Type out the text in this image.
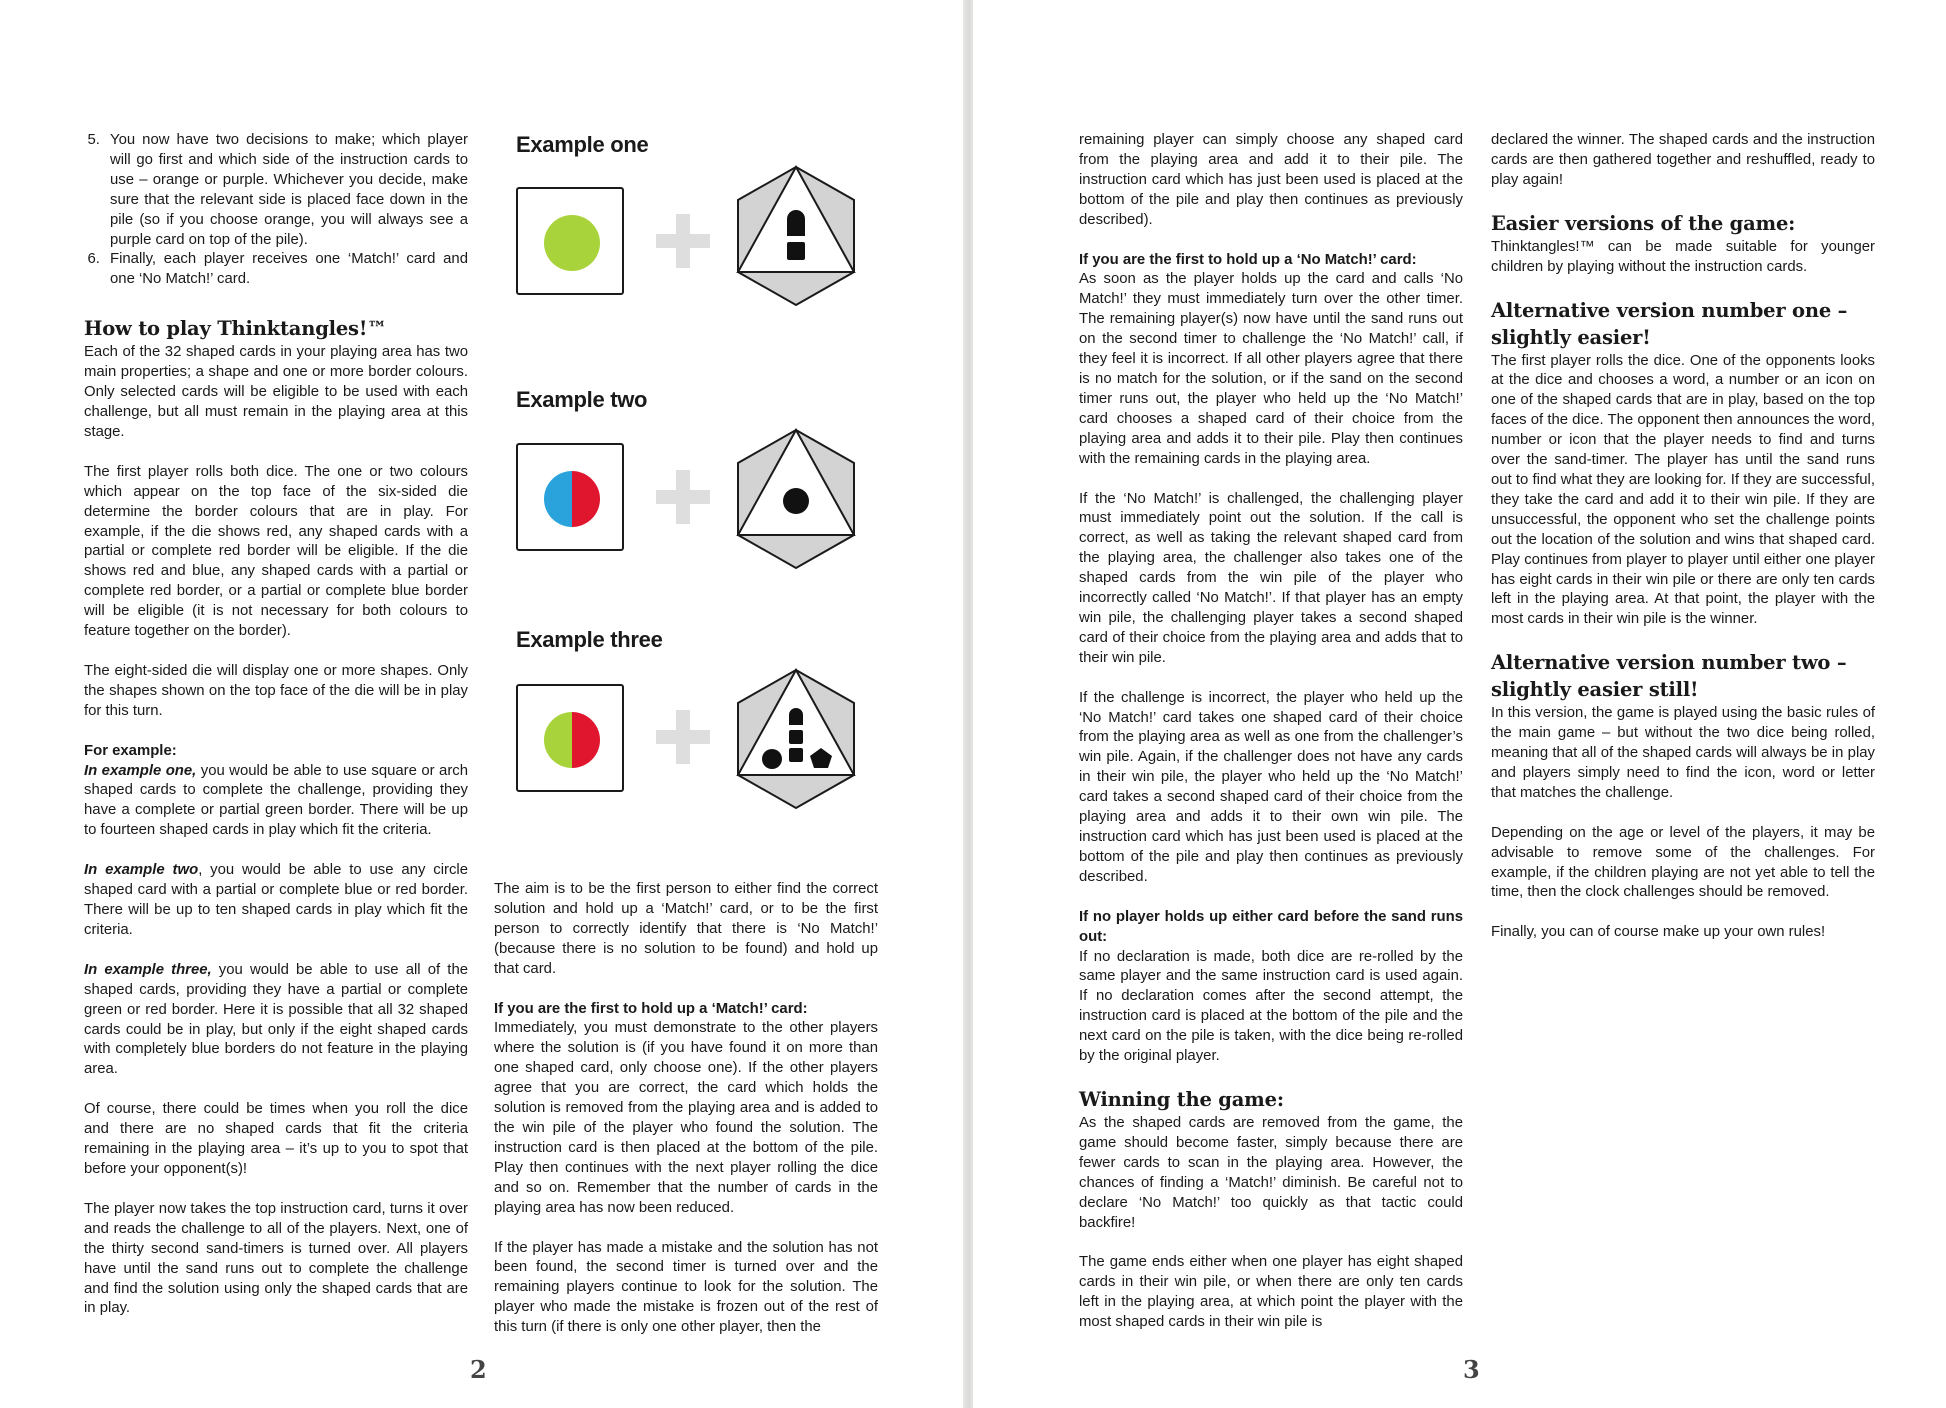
5. You now have two decisions to make; which player will go first and which side of the instruction cards to use – orange or purple. Whichever you decide, make sure that the relevant side is placed face down in the pile (so if you choose orange, you will always see a purple card on top of the pile).
6. Finally, each player receives one ‘Match!’ card and one ‘No Match!’ card.
How to play Thinktangles!™

Each of the 32 shaped cards in your playing area has two main properties; a shape and one or more border colours. Only selected cards will be eligible to be used with each challenge, but all must remain in the playing area at this stage.

The first player rolls both dice. The one or two colours which appear on the top face of the six-sided die determine the border colours that are in play. For example, if the die shows red, any shaped cards with a partial or complete red border will be eligible. If the die shows red and blue, any shaped cards with a partial or complete red border, or a partial or complete blue border will be eligible (it is not necessary for both colours to feature together on the border).

The eight-sided die will display one or more shapes. Only the shapes shown on the top face of the die will be in play for this turn.

For example:

In example one, you would be able to use square or arch shaped cards to complete the challenge, providing they have a complete or partial green border. There will be up to fourteen shaped cards in play which fit the criteria.

In example two, you would be able to use any circle shaped card with a partial or complete blue or red border. There will be up to ten shaped cards in play which fit the criteria.

In example three, you would be able to use all of the shaped cards, providing they have a partial or complete green or red border. Here it is possible that all 32 shaped cards could be in play, but only if the eight shaped cards with completely blue borders do not feature in the playing area.

Of course, there could be times when you roll the dice and there are no shaped cards that fit the criteria remaining in the playing area – it’s up to you to spot that before your opponent(s)!

The player now takes the top instruction card, turns it over and reads the challenge to all of the players. Next, one of the thirty second sand-timers is turned over. All players have until the sand runs out to complete the challenge and find the solution using only the shaped cards that are in play.

Example one
Example two
Example three

The aim is to be the first person to either find the correct solution and hold up a ‘Match!’ card, or to be the first person to correctly identify that there is ‘No Match!’ (because there is no solution to be found) and hold up that card.

If you are the first to hold up a ‘Match!’ card:

Immediately, you must demonstrate to the other players where the solution is (if you have found it on more than one shaped card, only choose one). If the other players agree that you are correct, the card which holds the solution is removed from the playing area and is added to the win pile of the player who found the solution. The instruction card is then placed at the bottom of the pile. Play then continues with the next player rolling the dice and so on. Remember that the number of cards in the playing area has now been reduced.

If the player has made a mistake and the solution has not been found, the second timer is turned over and the remaining players continue to look for the solution. The player who made the mistake is frozen out of the rest of this turn (if there is only one other player, then the

2

remaining player can simply choose any shaped card from the playing area and add it to their pile. The instruction card which has just been used is placed at the bottom of the pile and play then continues as previously described).

If you are the first to hold up a ‘No Match!’ card:

As soon as the player holds up the card and calls ‘No Match!’ they must immediately turn over the other timer. The remaining player(s) now have until the sand runs out on the second timer to challenge the ‘No Match!’ call, if they feel it is incorrect. If all other players agree that there is no match for the solution, or if the sand on the second timer runs out, the player who held up the ‘No Match!’ card chooses a shaped card of their choice from the playing area and adds it to their pile. Play then continues with the remaining cards in the playing area.

If the ‘No Match!’ is challenged, the challenging player must immediately point out the solution. If the call is correct, as well as taking the relevant shaped card from the playing area, the challenger also takes one of the shaped cards from the win pile of the player who incorrectly called ‘No Match!’. If that player has an empty win pile, the challenging player takes a second shaped card of their choice from the playing area and adds that to their win pile.

If the challenge is incorrect, the player who held up the ‘No Match!’ card takes one shaped card of their choice from the playing area as well as one from the challenger’s win pile. Again, if the challenger does not have any cards in their win pile, the player who held up the ‘No Match!’ card takes a second shaped card of their choice from the playing area and adds it to their own win pile. The instruction card which has just been used is placed at the bottom of the pile and play then continues as previously described.

If no player holds up either card before the sand runs out:

If no declaration is made, both dice are re-rolled by the same player and the same instruction card is used again. If no declaration comes after the second attempt, the instruction card is placed at the bottom of the pile and the next card on the pile is taken, with the dice being re-rolled by the original player.

Winning the game:

As the shaped cards are removed from the game, the game should become faster, simply because there are fewer cards to scan in the playing area. However, the chances of finding a ‘Match!’ diminish. Be careful not to declare ‘No Match!’ too quickly as that tactic could backfire!

The game ends either when one player has eight shaped cards in their win pile, or when there are only ten cards left in the playing area, at which point the player with the most shaped cards in their win pile is

declared the winner. The shaped cards and the instruction cards are then gathered together and reshuffled, ready to play again!

Easier versions of the game:

Thinktangles!™ can be made suitable for younger children by playing without the instruction cards.

Alternative version number one –
slightly easier!

The first player rolls the dice. One of the opponents looks at the dice and chooses a word, a number or an icon on one of the shaped cards that are in play, based on the top faces of the dice. The opponent then announces the word, number or icon that the player needs to find and turns over the sand-timer. The player has until the sand runs out to find what they are looking for. If they are successful, they take the card and add it to their win pile. If they are unsuccessful, the opponent who set the challenge points out the location of the solution and wins that shaped card. Play continues from player to player until either one player has eight cards in their win pile or there are only ten cards left in the playing area. At that point, the player with the most cards in their win pile is the winner.

Alternative version number two –
slightly easier still!

In this version, the game is played using the basic rules of the main game – but without the two dice being rolled, meaning that all of the shaped cards will always be in play and players simply need to find the icon, word or letter that matches the challenge.

Depending on the age or level of the players, it may be advisable to remove some of the challenges. For example, if the children playing are not yet able to tell the time, then the clock challenges should be removed.

Finally, you can of course make up your own rules!

3
